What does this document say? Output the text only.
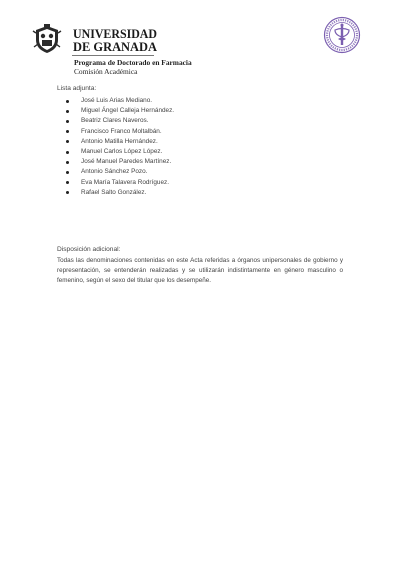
UNIVERSIDAD
DE GRANADA
Programa de Doctorado en Farmacia
Comisión Académica
Lista adjunta:
José Luis Arias Mediano.
Miguel Ángel Calleja Hernández.
Beatriz Clares Naveros.
Francisco Franco Moltalbán.
Antonio Matilla Hernández.
Manuel Carlos López López.
José Manuel Paredes Martínez.
Antonio Sánchez Pozo.
Eva María Talavera Rodríguez.
Rafael Salto González.
Disposición adicional:

Todas las denominaciones contenidas en este Acta referidas a órganos unipersonales de gobierno y representación, se entenderán realizadas y se utilizarán indistintamente en género masculino o femenino, según el sexo del titular que los desempeñe.
